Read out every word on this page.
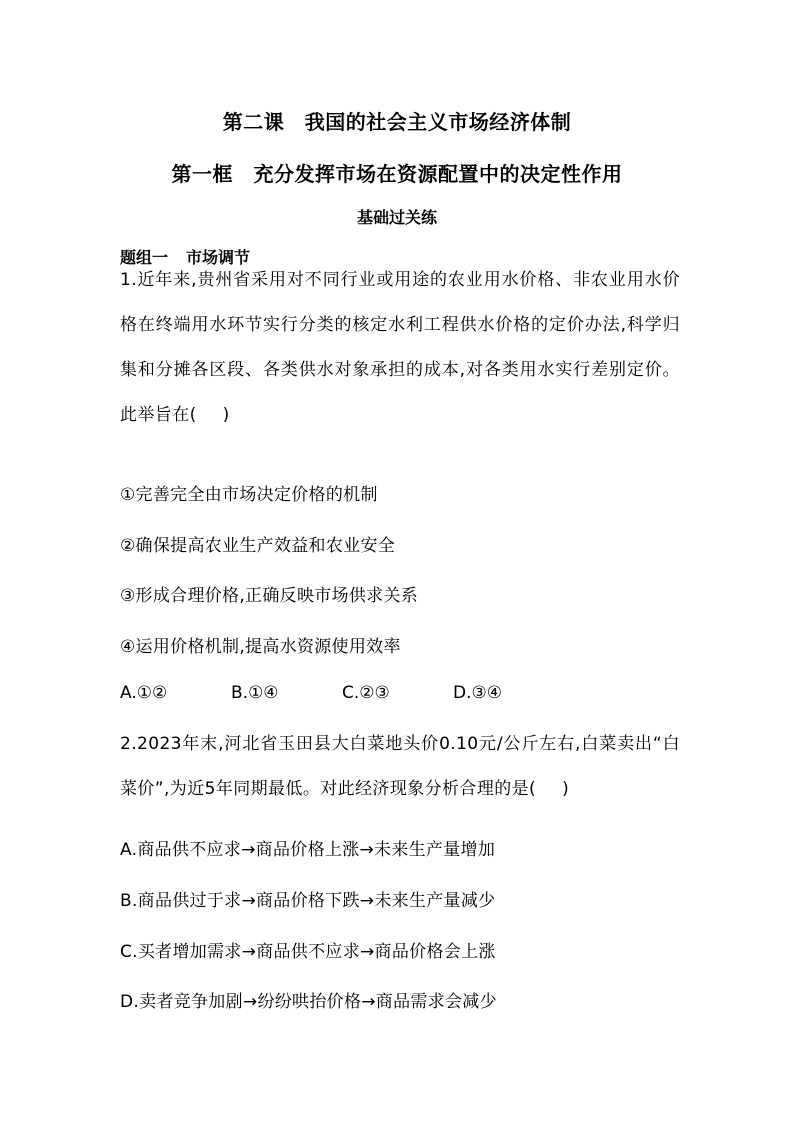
第二课　我国的社会主义市场经济体制
第一框　充分发挥市场在资源配置中的决定性作用
基础过关练
题组一 市场调节
1.近年来,贵州省采用对不同行业或用途的农业用水价格、非农业用水价格在终端用水环节实行分类的核定水利工程供水价格的定价办法,科学归集和分摊各区段、各类供水对象承担的成本,对各类用水实行差别定价。此举旨在( )
①完善完全由市场决定价格的机制
②确保提高农业生产效益和农业安全
③形成合理价格,正确反映市场供求关系
④运用价格机制,提高水资源使用效率
A.①②	B.①④	C.②③	D.③④
2.2023年末,河北省玉田县大白菜地头价0.10元/公斤左右,白菜卖出“白菜价”,为近5年同期最低。对此经济现象分析合理的是( )
A.商品供不应求→商品价格上涨→未来生产量增加
B.商品供过于求→商品价格下跌→未来生产量减少
C.买者增加需求→商品供不应求→商品价格会上涨
D.卖者竞争加剧→纷纷哄抬价格→商品需求会减少
